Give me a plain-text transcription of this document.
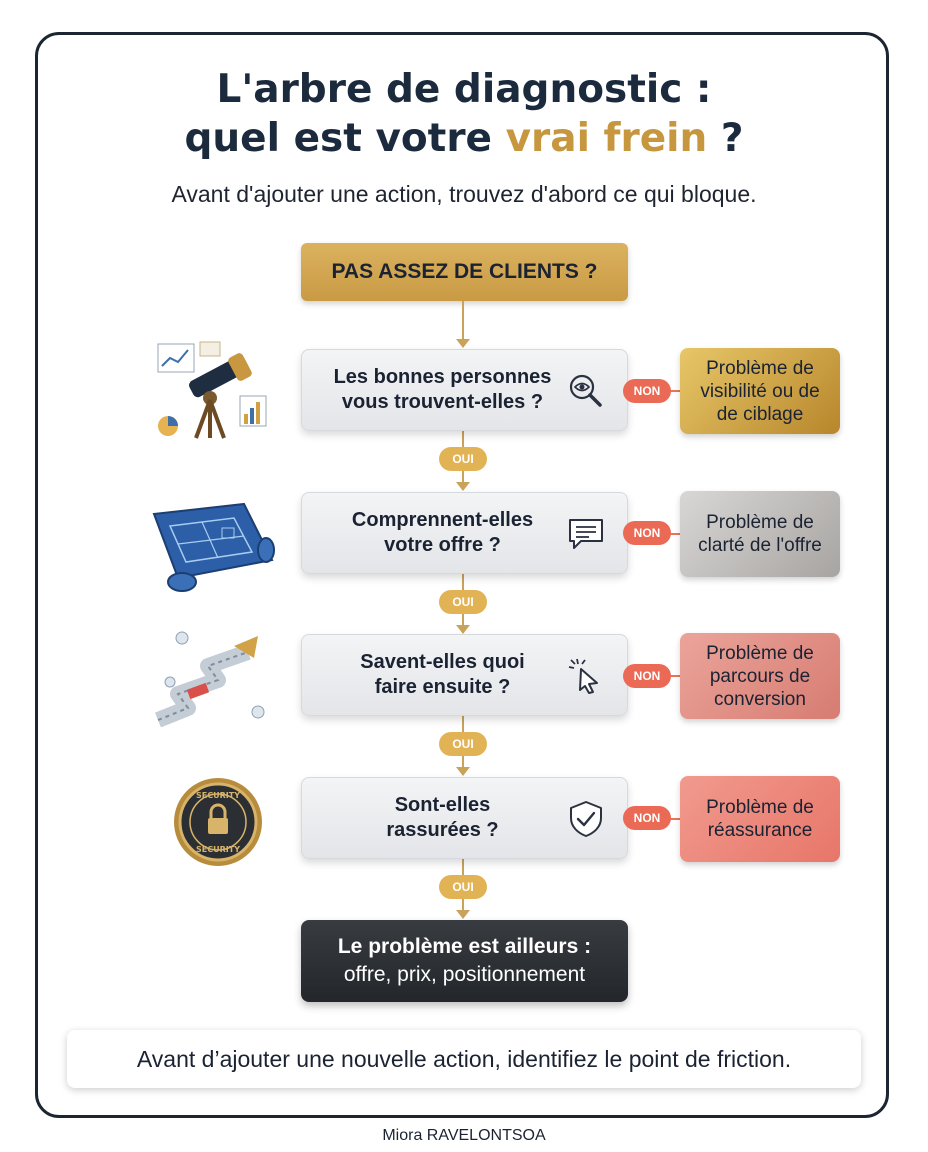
L'arbre de diagnostic :
quel est votre vrai frein ?
Avant d'ajouter une action, trouvez d'abord ce qui bloque.
PAS ASSEZ DE CLIENTS ?
OUI
OUI
OUI
OUI
Les bonnes personnes
vous trouvent-elles ?	NON
Problème de
visibilité ou de
de ciblage
Comprennent-elles
votre offre ?
NON	Problème de
clarté de l'offre
Savent-elles quoi
faire ensuite ?	NON
Problème de
parcours de
conversion
Sont-elles
rassurées ?
NON	Problème de
réassurance
Le problème est ailleurs :
offre, prix, positionnement
SECURITY
SECURITY
Avant d’ajouter une nouvelle action, identifiez le point de friction.
Miora RAVELONTSOA
